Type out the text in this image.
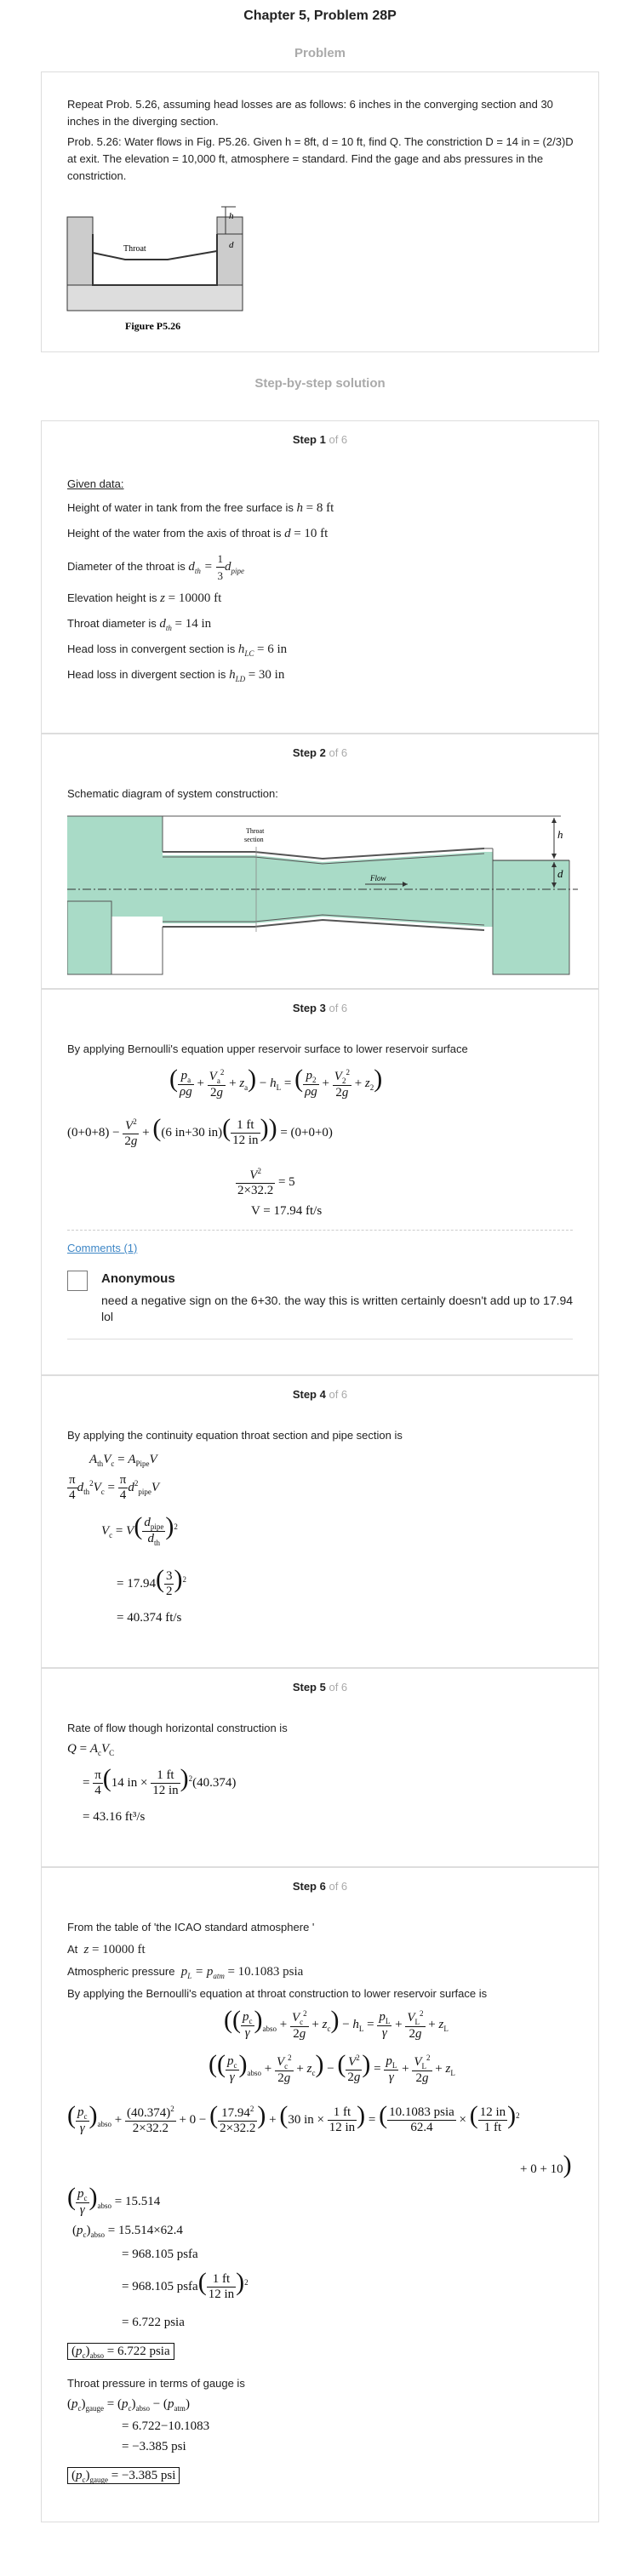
Chapter 5, Problem 28P
Problem
Repeat Prob. 5.26, assuming head losses are as follows: 6 inches in the converging section and 30 inches in the diverging section.
Prob. 5.26: Water flows in Fig. P5.26. Given h = 8ft, d = 10 ft, find Q. The constriction D = 14 in = (2/3)D at exit. The elevation = 10,000 ft, atmosphere = standard. Find the gage and abs pressures in the constriction.
h
d
Throat
Figure P5.26
Step-by-step solution
Step 1 of 6
Given data:
Height of water in tank from the free surface is h = 8 ft
Height of the water from the axis of throat is d = 10 ft
Diameter of the throat is $d_{th} = \frac{1}{3} d_{pipe}$
Elevation height is z = 10000 ft
Throat diameter is $d_{th} = 14$ in
Head loss in convergent section is $h_{LC} = 6$ in
Head loss in divergent section is $h_{LD} = 30$ in
Step 2 of 6
Schematic diagram of system construction:
h
d
Throat
section
Flow
Step 3 of 6
By applying Bernoulli's equation upper reservoir surface to lower reservoir surface
( $\frac{p_a}{\rho g} + \frac{V_a^2}{2g} + z_a) - h_L$ = ( $\frac{p_2}{\rho g} + \frac{V_2^2}{2g} + z_2$)
$(0+0+8) - \frac{V^2}{2g} + ((6$ in+30 $in)( \frac{1 ft}{12 in}$ )) = (0+0+0)
$\frac{V^2}{2\times 32.2} = 5$
V = 17.94 ft/s
Comments (1)
Anonymous
need a negative sign on the 6+30. the way this is written certainly doesn't add up to 17.94 lol
Step 4 of 6
By applying the continuity equation throat section and pipe section is
$A_{th}V_c = A_{Pipe}V$
$\frac{\pi}{4} d_{th}^2V_c = \frac{\pi}{4} d^2_{pipe}V$
$V_c = V( \frac{d_{pipe}}{d_{th}} )^2$
= $17.94( \frac{3}{2} )^2$
= 40.374 ft/s
Step 5 of 6
Rate of flow though horizontal construction is
$Q = A_cV_C$
= $\frac{\pi}{4} (14$ in × $\frac{1 ft}{12 in} )^2(40.374)$
= 43.16 ft³/s
Step 6 of 6
From the table of 'the ICAO standard atmosphere '
At z = 10000 ft
Atmospheric pressure $p_L = p_{atm} = 10.1083$ psia
By applying the Bernoulli's equation at throat construction to lower reservoir surface is
(( $\frac{p_c}{\gamma} )_{abso} + \frac{V_c^2}{2g} + z_c) - h_L = \frac{p_L}{\gamma} + \frac{V_L^2}{2g} + z_L$
(( $\frac{p_c}{\gamma} )_{abso} + \frac{V_c^2}{2g} + z_c$) − ( $\frac{V^2}{2g}$ ) = $\frac{p_L}{\gamma} + \frac{V_L^2}{2g} + z_L$
( $\frac{p_c}{\gamma} )_{abso} + \frac{(40.374)^2}{2\times 32.2} + 0$ − ( $\frac{17.94^2}{2\times 32.2}$ ) + (30 in × $\frac{1 ft}{12 in}$ ) = ( $\frac{\text{10.1083 psia}}{62.4}$ × ( $\frac{12 in}{1 ft} )^2$
+ 0 + 10)
( $\frac{p_c}{\gamma} )_{abso} = 15.514$
$(p_c)_{abso} = 15.514\times 62.4$
= 968.105 psfa
= 968.105 psfa( $\frac{1 ft}{12 in} )^2$
= 6.722 psia
$(p_c)_{abso} = 6.722$ psia
Throat pressure in terms of gauge is
$(p_c)_{gauge} = (p_c)_{abso} - (p_{atm})$
= 6.722−10.1083
= −3.385 psi
$(p_c)_{gauge} = -3.385$ psi
